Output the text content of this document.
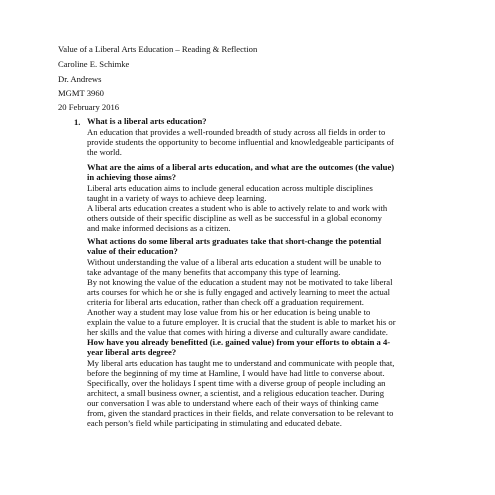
Value of a Liberal Arts Education – Reading & Reflection
Caroline E. Schimke
Dr. Andrews
MGMT 3960
20 February 2016
1. What is a liberal arts education?

An education that provides a well-rounded breadth of study across all fields in order to
provide students the opportunity to become influential and knowledgeable participants of
the world.

What are the aims of a liberal arts education, and what are the outcomes (the value)
in achieving those aims?

Liberal arts education aims to include general education across multiple disciplines
taught in a variety of ways to achieve deep learning.
A liberal arts education creates a student who is able to actively relate to and work with
others outside of their specific discipline as well as be successful in a global economy
and make informed decisions as a citizen.

What actions do some liberal arts graduates take that short-change the potential
value of their education?

Without understanding the value of a liberal arts education a student will be unable to
take advantage of the many benefits that accompany this type of learning.
By not knowing the value of the education a student may not be motivated to take liberal
arts courses for which he or she is fully engaged and actively learning to meet the actual
criteria for liberal arts education, rather than check off a graduation requirement.
Another way a student may lose value from his or her education is being unable to
explain the value to a future employer. It is crucial that the student is able to market his or
her skills and the value that comes with hiring a diverse and culturally aware candidate.

How have you already benefitted (i.e. gained value) from your efforts to obtain a 4-
year liberal arts degree?

My liberal arts education has taught me to understand and communicate with people that,
before the beginning of my time at Hamline, I would have had little to converse about.
Specifically, over the holidays I spent time with a diverse group of people including an
architect, a small business owner, a scientist, and a religious education teacher. During
our conversation I was able to understand where each of their ways of thinking came
from, given the standard practices in their fields, and relate conversation to be relevant to
each person’s field while participating in stimulating and educated debate.
